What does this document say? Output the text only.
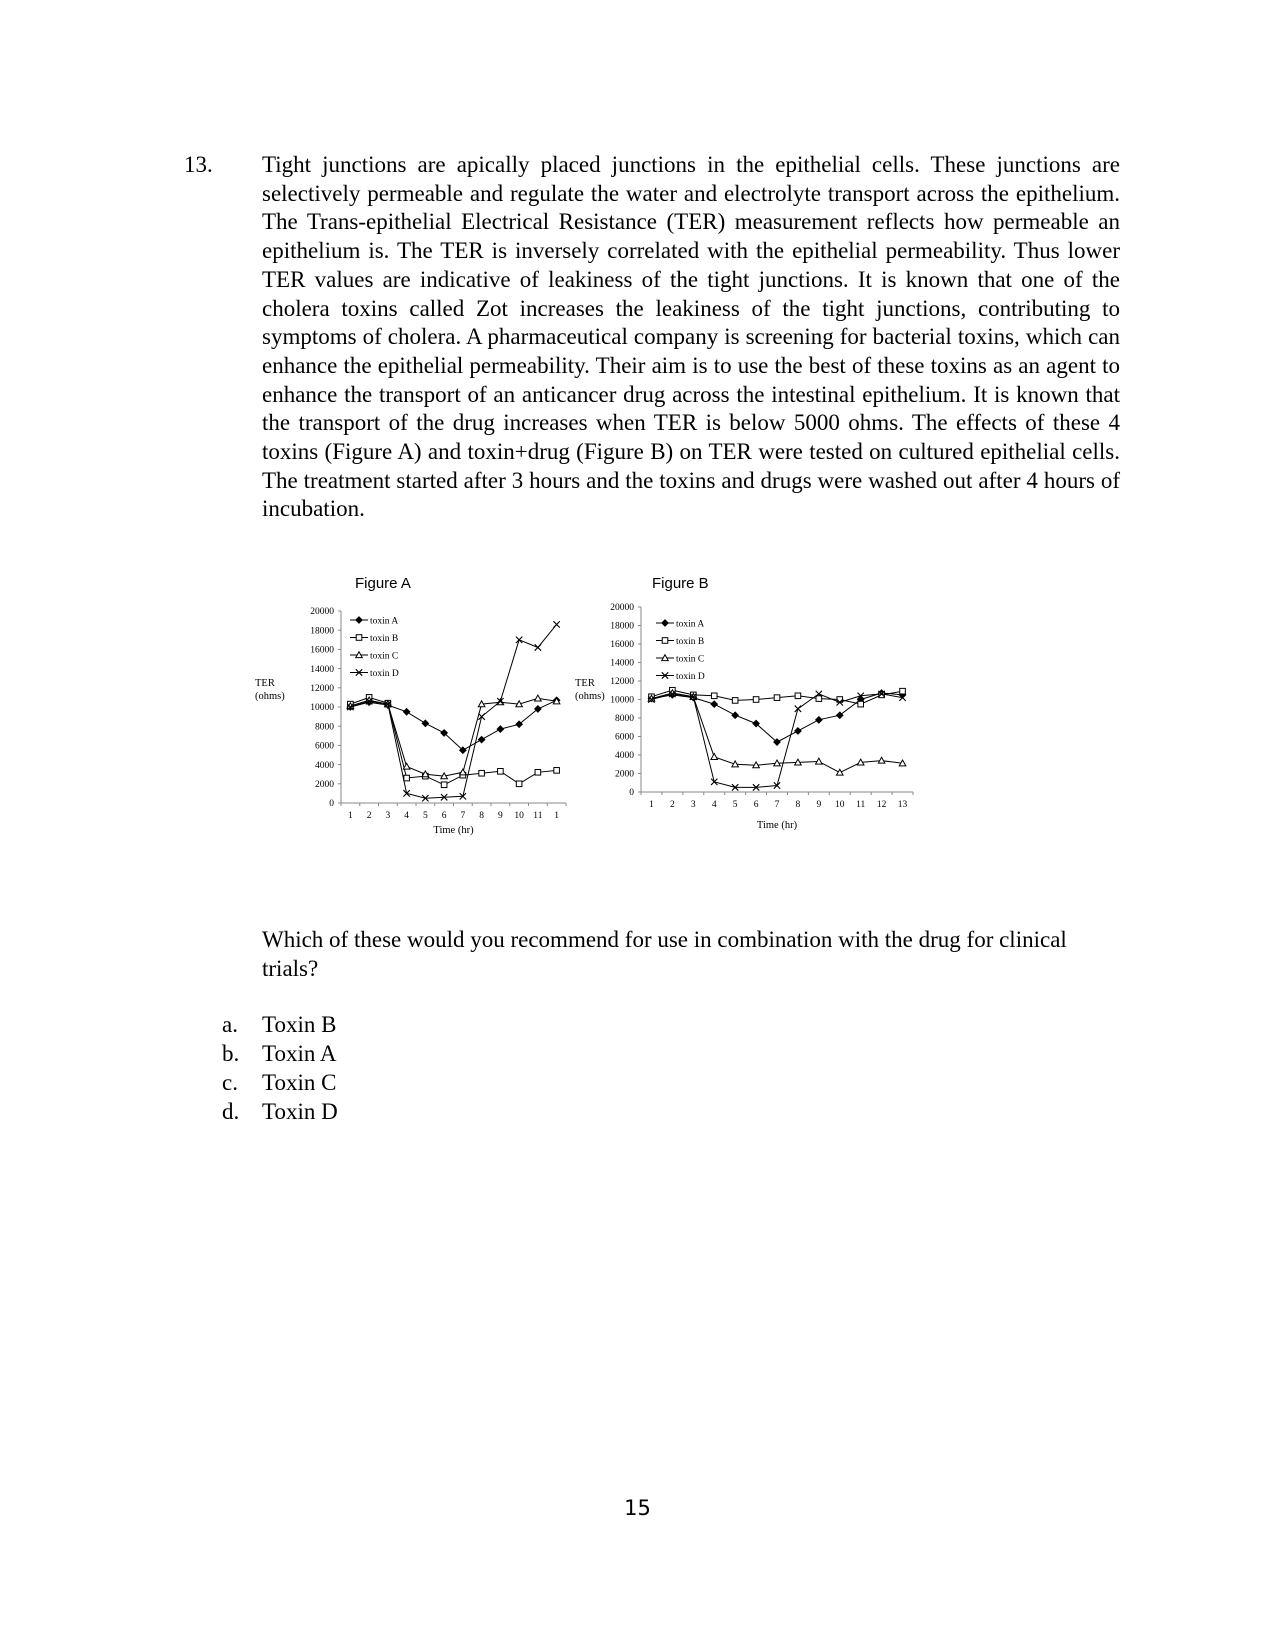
13. Tight junctions are apically placed junctions in the epithelial cells. These junctions are selectively permeable and regulate the water and electrolyte transport across the epithelium. The Trans-epithelial Electrical Resistance (TER) measurement reflects how permeable an epithelium is. The TER is inversely correlated with the epithelial permeability. Thus lower TER values are indicative of leakiness of the tight junctions. It is known that one of the cholera toxins called Zot increases the leakiness of the tight junctions, contributing to symptoms of cholera. A pharmaceutical company is screening for bacterial toxins, which can enhance the epithelial permeability. Their aim is to use the best of these toxins as an agent to enhance the transport of an anticancer drug across the intestinal epithelium. It is known that the transport of the drug increases when TER is below 5000 ohms. The effects of these 4 toxins (Figure A) and toxin+drug (Figure B) on TER were tested on cultured epithelial cells. The treatment started after 3 hours and the toxins and drugs were washed out after 4 hours of incubation.

Figure A
0
2000
4000
6000
8000
10000
12000
14000
16000
18000
20000
1 2 3 4 5 6 7 8 9 10 11 1
Time (hr)
TER
(ohms)
toxin A
toxin B
toxin C
toxin D
Figure B
0
2000
4000
6000
8000
10000
12000
14000
16000
18000
20000
1 2 3 4 5 6 7 8 9 10 11 12 13
Time (hr)
TER
(ohms)
toxin A
toxin B
toxin C
toxin D

Which of these would you recommend for use in combination with the drug for clinical trials?

a.	Toxin B
b. Toxin A
c.	Toxin C
d. Toxin D
15
